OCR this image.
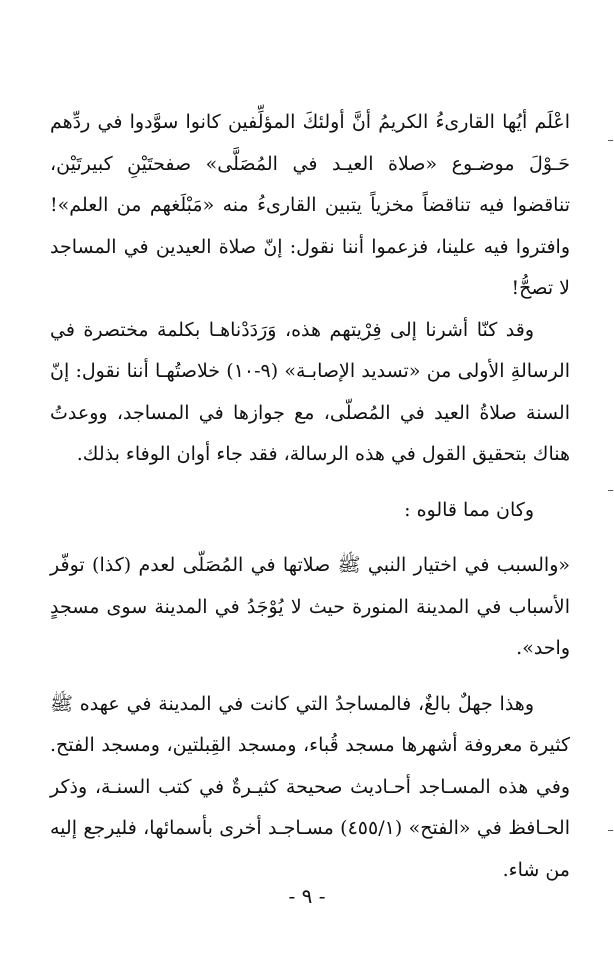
اعْلَم أيُها القارىءُ الكريمُ أنَّ أولئكَ المؤلِّفين كانوا سوَّدوا في ردِّهم حَـوْلَ موضـوع «صلاة العيـد في المُصَلَّى» صفحتَيْنِ كبيرتَيْن، تناقضوا فيه تناقضاً مخزياً يتبين القارىءُ منه «مَبْلَغهم من العلم»! وافتروا فيه علينا، فزعموا أننا نقول: إنّ صلاة العيدين في المساجد لا تصحُّ!

وقد كنّا أشرنا إلى فِرْيتهم هذه، وَرَدَدْناهـا بكلمة مختصرة في الرسالةِ الأولى من «تسديد الإصابـة» (٩-١٠) خلاصتُهـا أننا نقول: إنّ السنة صلاةُ العيد في المُصلّى، مع جوازها في المساجد، ووعدتُ هناك بتحقيق القول في هذه الرسالة، فقد جاء أوان الوفاء بذلك.

وكان مما قالوه :

«والسبب في اختيار النبي ﷺ صلاتها في المُصَلّى لعدم (كذا) توفّر الأسباب في المدينة المنورة حيث لا يُوْجَدُ في المدينة سوى مسجدٍ واحد».

وهذا جهلٌ بالغٌ، فالمساجدُ التي كانت في المدينة في عهده ﷺ كثيرة معروفة أشهرها مسجد قُباء، ومسجد القِبلتين، ومسجد الفتح. وفي هذه المسـاجد أحـاديث صحيحة كثيـرةٌ في كتب السنـة، وذكر الحـافظ في «الفتح» (٤٥٥/١) مسـاجـد أخرى بأسمائها، فليرجع إليه من شاء.

- ٩ -
